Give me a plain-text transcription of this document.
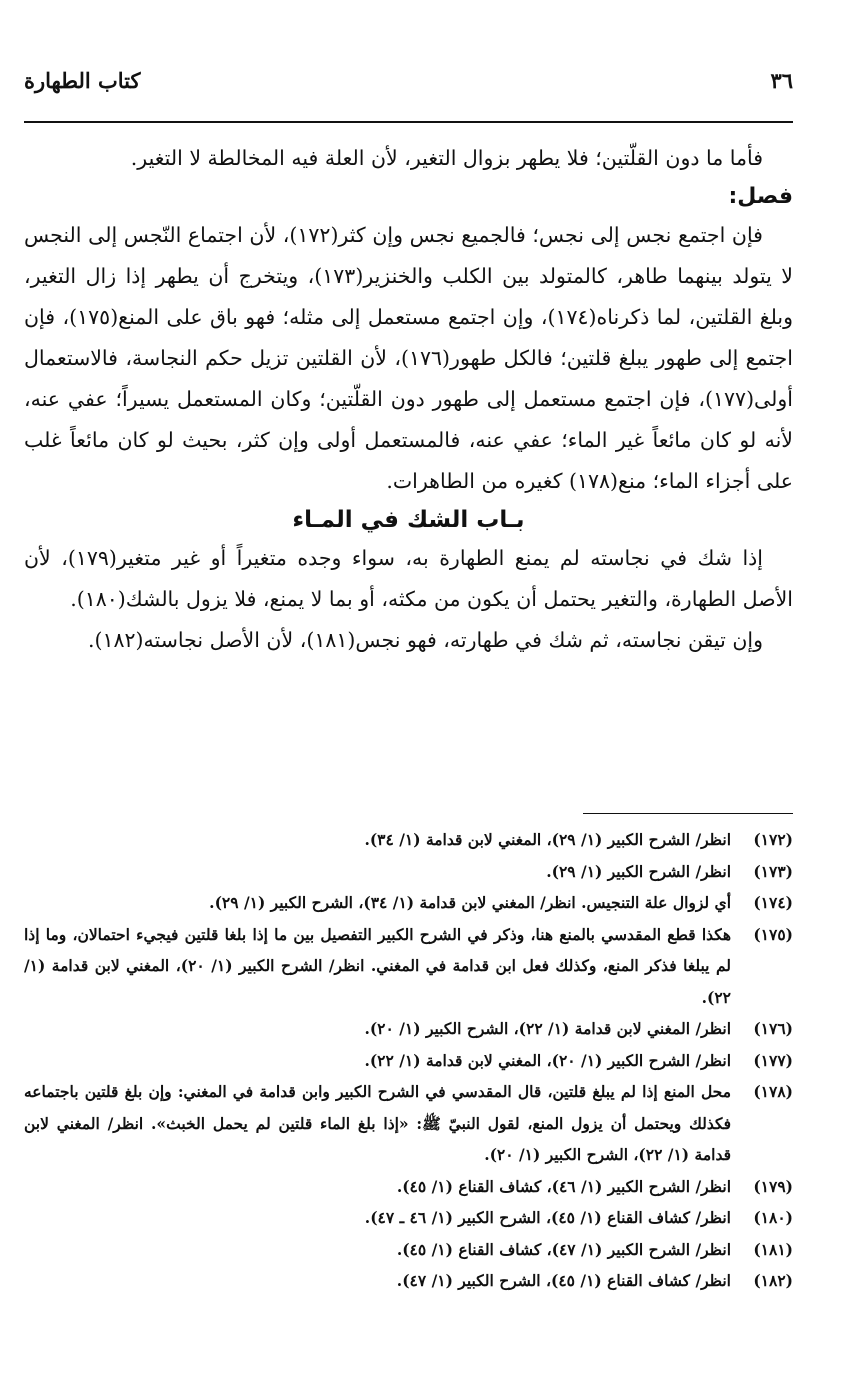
٣٦
كتاب الطهارة

فأما ما دون القلّتين؛ فلا يطهر بزوال التغير، لأن العلة فيه المخالطة لا التغير.

فصل:

فإن اجتمع نجس إلى نجس؛ فالجميع نجس وإن كثر(١٧٢)، لأن اجتماع النّجس إلى النجس لا يتولد بينهما طاهر، كالمتولد بين الكلب والخنزير(١٧٣)، ويتخرج أن يطهر إذا زال التغير، وبلغ القلتين، لما ذكرناه(١٧٤)، وإن اجتمع مستعمل إلى مثله؛ فهو باق على المنع(١٧٥)، فإن اجتمع إلى طهور يبلغ قلتين؛ فالكل طهور(١٧٦)، لأن القلتين تزيل حكم النجاسة، فالاستعمال أولى(١٧٧)، فإن اجتمع مستعمل إلى طهور دون القلّتين؛ وكان المستعمل يسيراً؛ عفي عنه، لأنه لو كان مائعاً غير الماء؛ عفي عنه، فالمستعمل أولى وإن كثر، بحيث لو كان مائعاً غلب على أجزاء الماء؛ منع(١٧٨) كغيره من الطاهرات.

بـاب الشك في المـاء

إذا شك في نجاسته لم يمنع الطهارة به، سواء وجده متغيراً أو غير متغير(١٧٩)، لأن الأصل الطهارة، والتغير يحتمل أن يكون من مكثه، أو بما لا يمنع، فلا يزول بالشك(١٨٠).

وإن تيقن نجاسته، ثم شك في طهارته، فهو نجس(١٨١)، لأن الأصل نجاسته(١٨٢).

(١٧٢)
انظر/ الشرح الكبير (١/ ٢٩)، المغني لابن قدامة (١/ ٣٤).
(١٧٣)
انظر/ الشرح الكبير (١/ ٢٩).
(١٧٤)
أي لزوال علة التنجيس. انظر/ المغني لابن قدامة (١/ ٣٤)، الشرح الكبير (١/ ٢٩).
(١٧٥)
هكذا قطع المقدسي بالمنع هنا، وذكر في الشرح الكبير التفصيل بين ما إذا بلغا قلتين فيجيء احتمالان، وما إذا لم يبلغا فذكر المنع، وكذلك فعل ابن قدامة في المغني. انظر/ الشرح الكبير (١/ ٢٠)، المغني لابن قدامة (١/ ٢٢).
(١٧٦)
انظر/ المغني لابن قدامة (١/ ٢٢)، الشرح الكبير (١/ ٢٠).
(١٧٧)
انظر/ الشرح الكبير (١/ ٢٠)، المغني لابن قدامة (١/ ٢٢).
(١٧٨)
محل المنع إذا لم يبلغ قلتين، قال المقدسي في الشرح الكبير وابن قدامة في المغني: وإن بلغ قلتين باجتماعه فكذلك ويحتمل أن يزول المنع، لقول النبيّ ﷺ: «إذا بلغ الماء قلتين لم يحمل الخبث». انظر/ المغني لابن قدامة (١/ ٢٢)، الشرح الكبير (١/ ٢٠).
(١٧٩)
انظر/ الشرح الكبير (١/ ٤٦)، كشاف القناع (١/ ٤٥).
(١٨٠)
انظر/ كشاف القناع (١/ ٤٥)، الشرح الكبير (١/ ٤٦ ـ ٤٧).
(١٨١)
انظر/ الشرح الكبير (١/ ٤٧)، كشاف القناع (١/ ٤٥).
(١٨٢)
انظر/ كشاف القناع (١/ ٤٥)، الشرح الكبير (١/ ٤٧).
